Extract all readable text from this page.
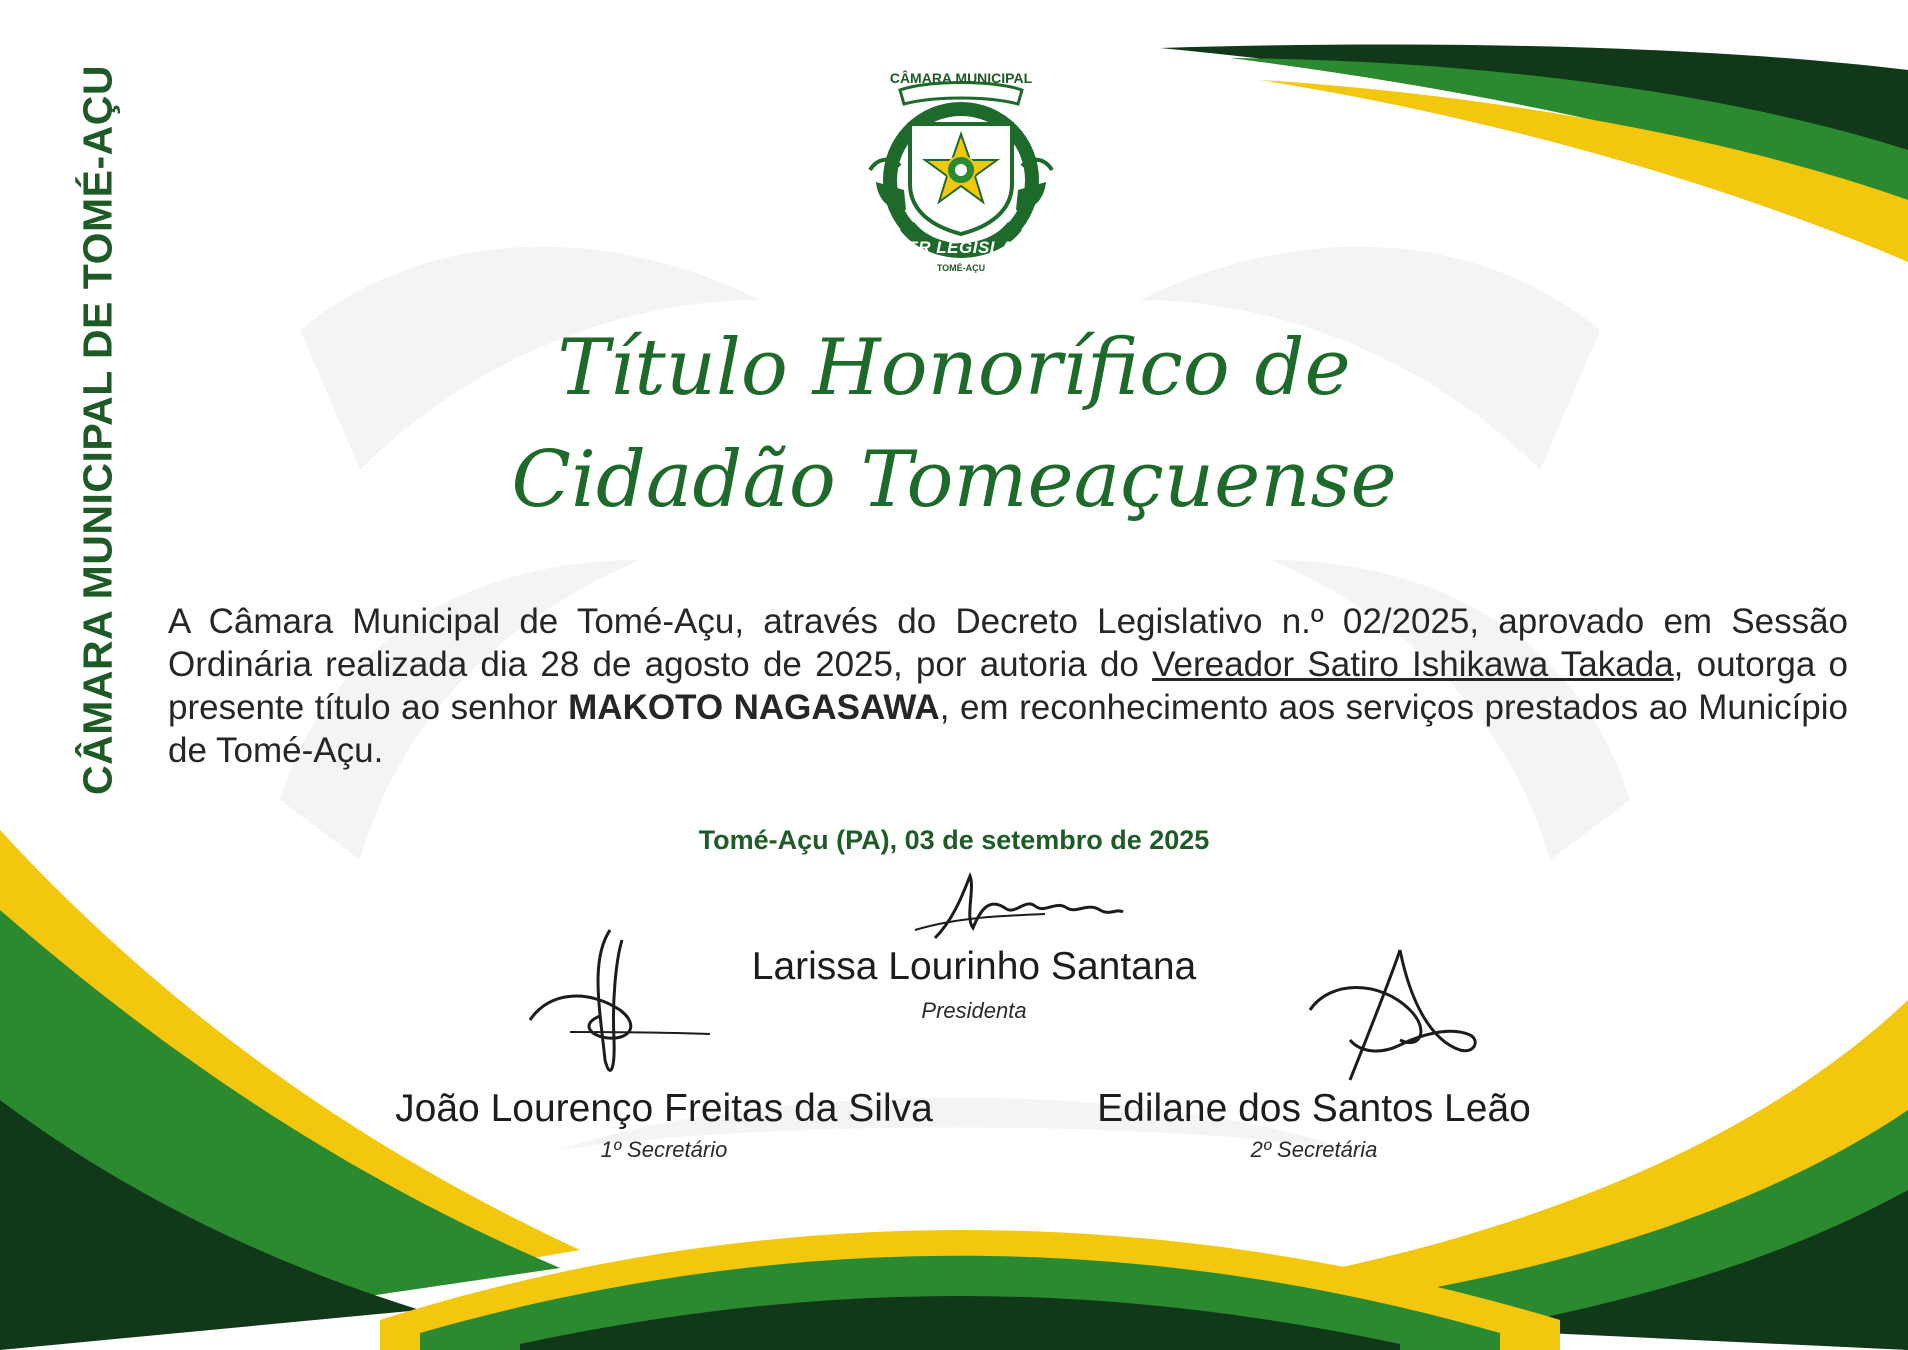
CÂMARA MUNICIPAL DE TOMÉ-AÇU	CÂMARA MUNICIPAL
PODER LEGISLATIVO
TOMÉ-AÇU
Título Honorífico de
Cidadão Tomeaçuense
A Câmara Municipal de Tomé-Açu, através do Decreto Legislativo n.º 02/2025, aprovado em Sessão Ordinária realizada dia 28 de agosto de 2025, por autoria do Vereador Satiro Ishikawa Takada, outorga o presente título ao senhor MAKOTO NAGASAWA, em reconhecimento aos serviços prestados ao Município de Tomé-Açu.
Tomé-Açu (PA), 03 de setembro de 2025
Larissa Lourinho Santana
Presidenta
João Lourenço Freitas da Silva
1º Secretário
Edilane dos Santos Leão
2º Secretária
